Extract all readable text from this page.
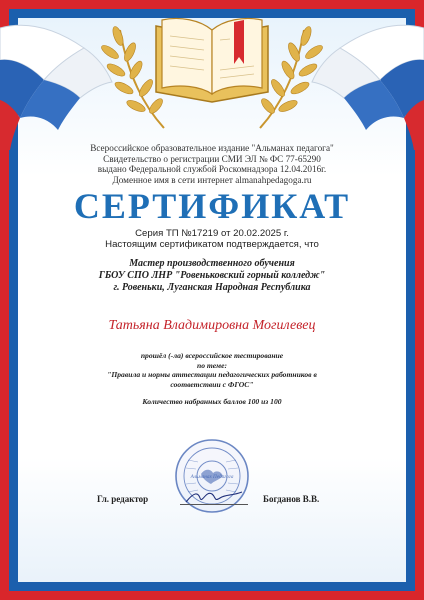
Всероссийское образовательное издание "Альманах педагога"
Свидетельство о регистрации СМИ ЭЛ № ФС 77-65290
выдано Федеральной службой Роскомнадзора 12.04.2016г.
Доменное имя в сети интернет almanahpedagoga.ru
СЕРТИФИКАТ
Серия ТП №17219 от 20.02.2025 г.
Настоящим сертификатом подтверждается, что
Мастер производственного обучения
ГБОУ СПО ЛНР "Ровеньковский горный колледж"
г. Ровеньки, Луганская Народная Республика
Татьяна Владимировна Могилевец
прошёл (-ла) всероссийское тестирование
по теме:
"Правила и нормы аттестации педагогических работников в
соответствии с ФГОС"
Количество набранных баллов 100 из 100
Альманах Педагога
Гл. редактор	Богданов В.В.
